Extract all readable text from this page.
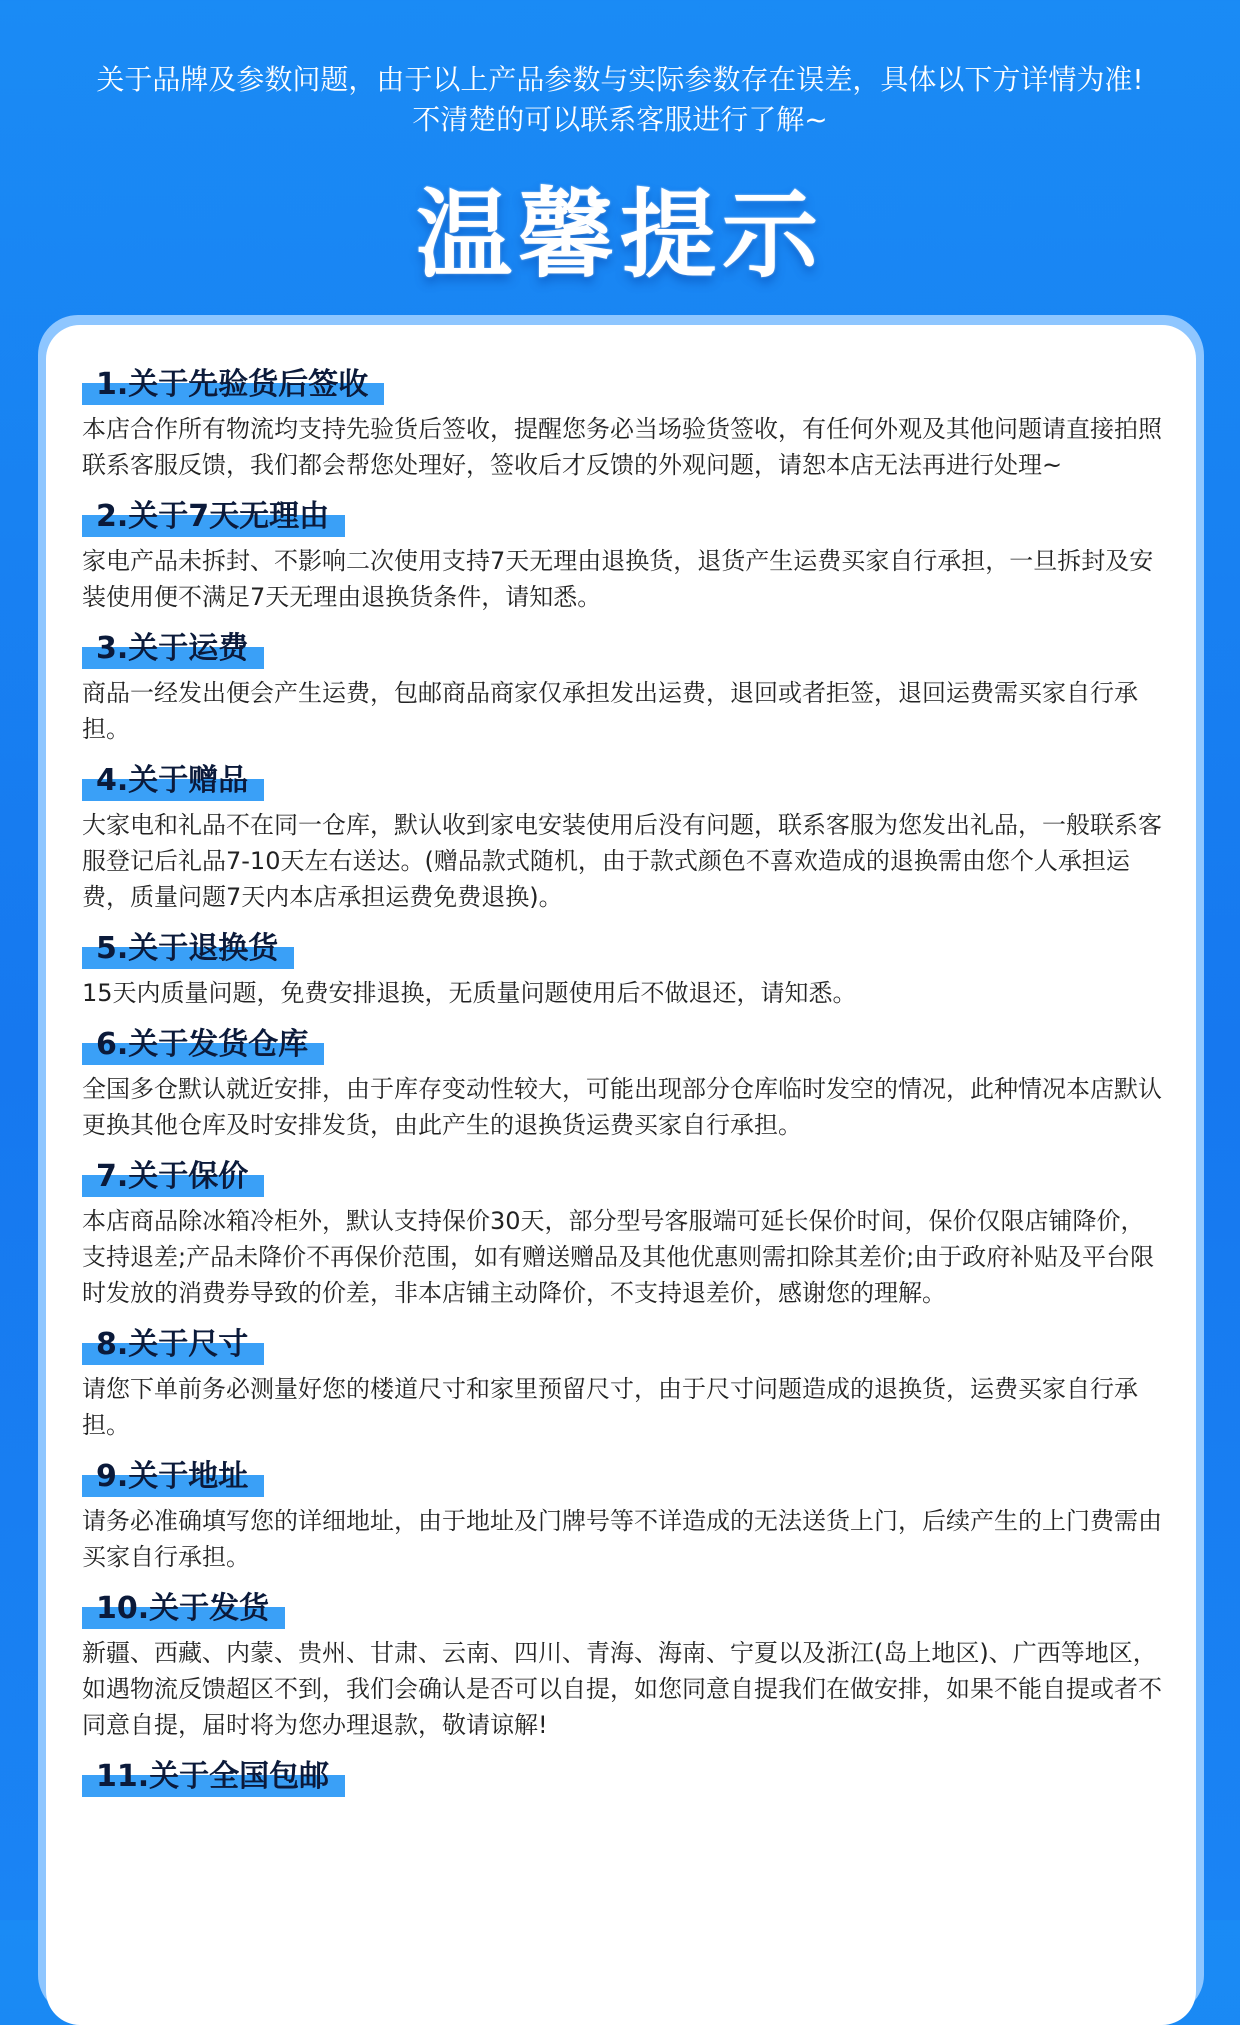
关于品牌及参数问题，由于以上产品参数与实际参数存在误差，具体以下方详情为准!

不清楚的可以联系客服进行了解~

温馨提示
1.关于先验货后签收

本店合作所有物流均支持先验货后签收，提醒您务必当场验货签收，有任何外观及其他问题请直接拍照联系客服反馈，我们都会帮您处理好，签收后才反馈的外观问题，请恕本店无法再进行处理~

2.关于7天无理由

家电产品未拆封、不影响二次使用支持7天无理由退换货，退货产生运费买家自行承担，一旦拆封及安装使用便不满足7天无理由退换货条件，请知悉。

3.关于运费

商品一经发出便会产生运费，包邮商品商家仅承担发出运费，退回或者拒签，退回运费需买家自行承担。

4.关于赠品

大家电和礼品不在同一仓库，默认收到家电安装使用后没有问题，联系客服为您发出礼品，一般联系客服登记后礼品7-10天左右送达。(赠品款式随机，由于款式颜色不喜欢造成的退换需由您个人承担运费，质量问题7天内本店承担运费免费退换)。

5.关于退换货

15天内质量问题，免费安排退换，无质量问题使用后不做退还，请知悉。

6.关于发货仓库

全国多仓默认就近安排，由于库存变动性较大，可能出现部分仓库临时发空的情况，此种情况本店默认更换其他仓库及时安排发货，由此产生的退换货运费买家自行承担。

7.关于保价

本店商品除冰箱冷柜外，默认支持保价30天，部分型号客服端可延长保价时间，保价仅限店铺降价，支持退差;产品未降价不再保价范围，如有赠送赠品及其他优惠则需扣除其差价;由于政府补贴及平台限时发放的消费券导致的价差，非本店铺主动降价，不支持退差价，感谢您的理解。

8.关于尺寸

请您下单前务必测量好您的楼道尺寸和家里预留尺寸，由于尺寸问题造成的退换货，运费买家自行承担。

9.关于地址

请务必准确填写您的详细地址，由于地址及门牌号等不详造成的无法送货上门，后续产生的上门费需由买家自行承担。

10.关于发货

新疆、西藏、内蒙、贵州、甘肃、云南、四川、青海、海南、宁夏以及浙江(岛上地区)、广西等地区，如遇物流反馈超区不到，我们会确认是否可以自提，如您同意自提我们在做安排，如果不能自提或者不同意自提，届时将为您办理退款，敬请谅解!

11.关于全国包邮
